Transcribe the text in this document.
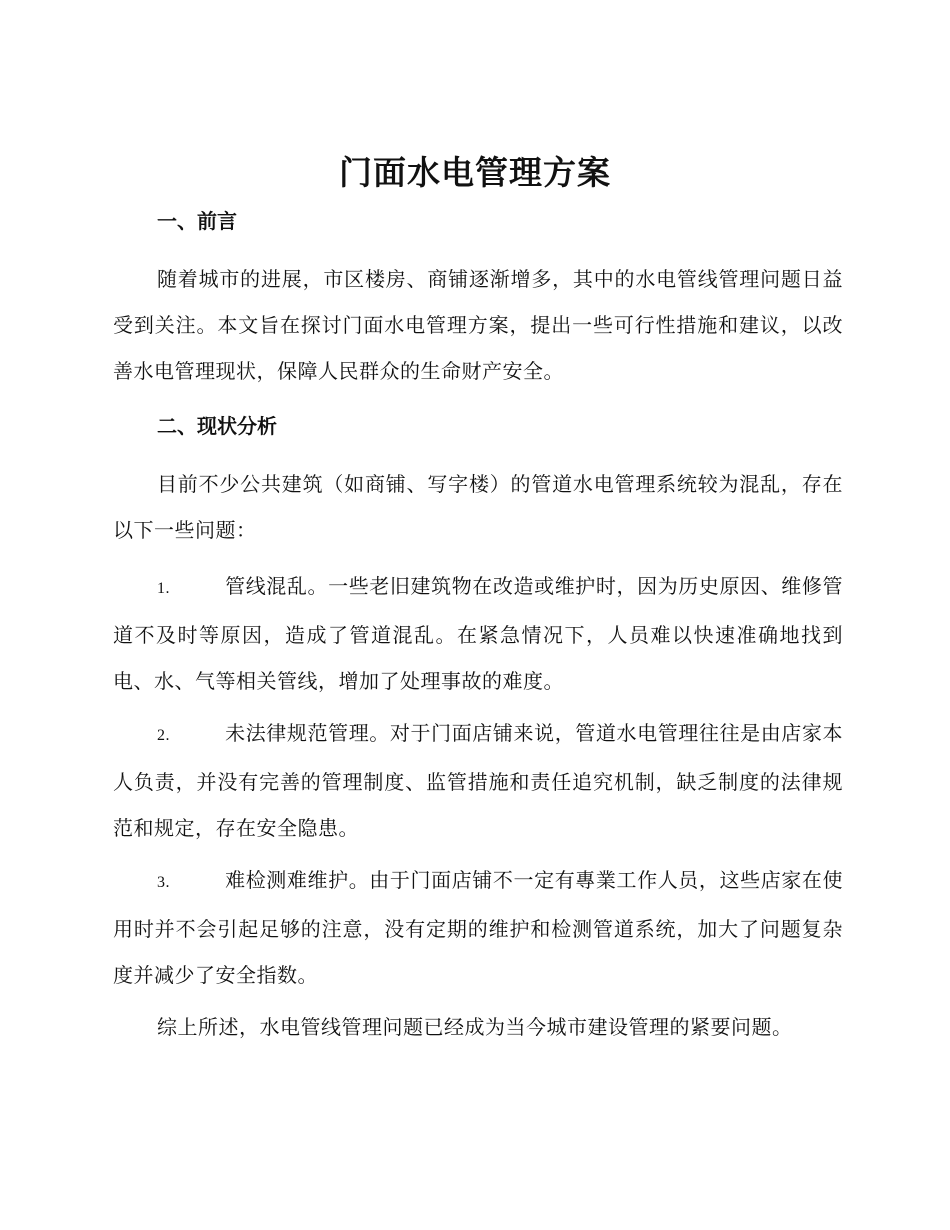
门面水电管理方案
一、前言
随着城市的进展，市区楼房、商铺逐渐增多，其中的水电管线管理问题日益受到关注。本文旨在探讨门面水电管理方案，提出一些可行性措施和建议，以改善水电管理现状，保障人民群众的生命财产安全。
二、现状分析
目前不少公共建筑（如商铺、写字楼）的管道水电管理系统较为混乱，存在以下一些问题：
1.	管线混乱。一些老旧建筑物在改造或维护时，因为历史原因、维修管道不及时等原因，造成了管道混乱。在紧急情况下，人员难以快速准确地找到电、水、气等相关管线，增加了处理事故的难度。
2.	未法律规范管理。对于门面店铺来说，管道水电管理往往是由店家本人负责，并没有完善的管理制度、监管措施和责任追究机制，缺乏制度的法律规范和规定，存在安全隐患。
3.	难检测难维护。由于门面店铺不一定有專業工作人员，这些店家在使用时并不会引起足够的注意，没有定期的维护和检测管道系统，加大了问题复杂度并减少了安全指数。
综上所述，水电管线管理问题已经成为当今城市建设管理的紧要问题。
